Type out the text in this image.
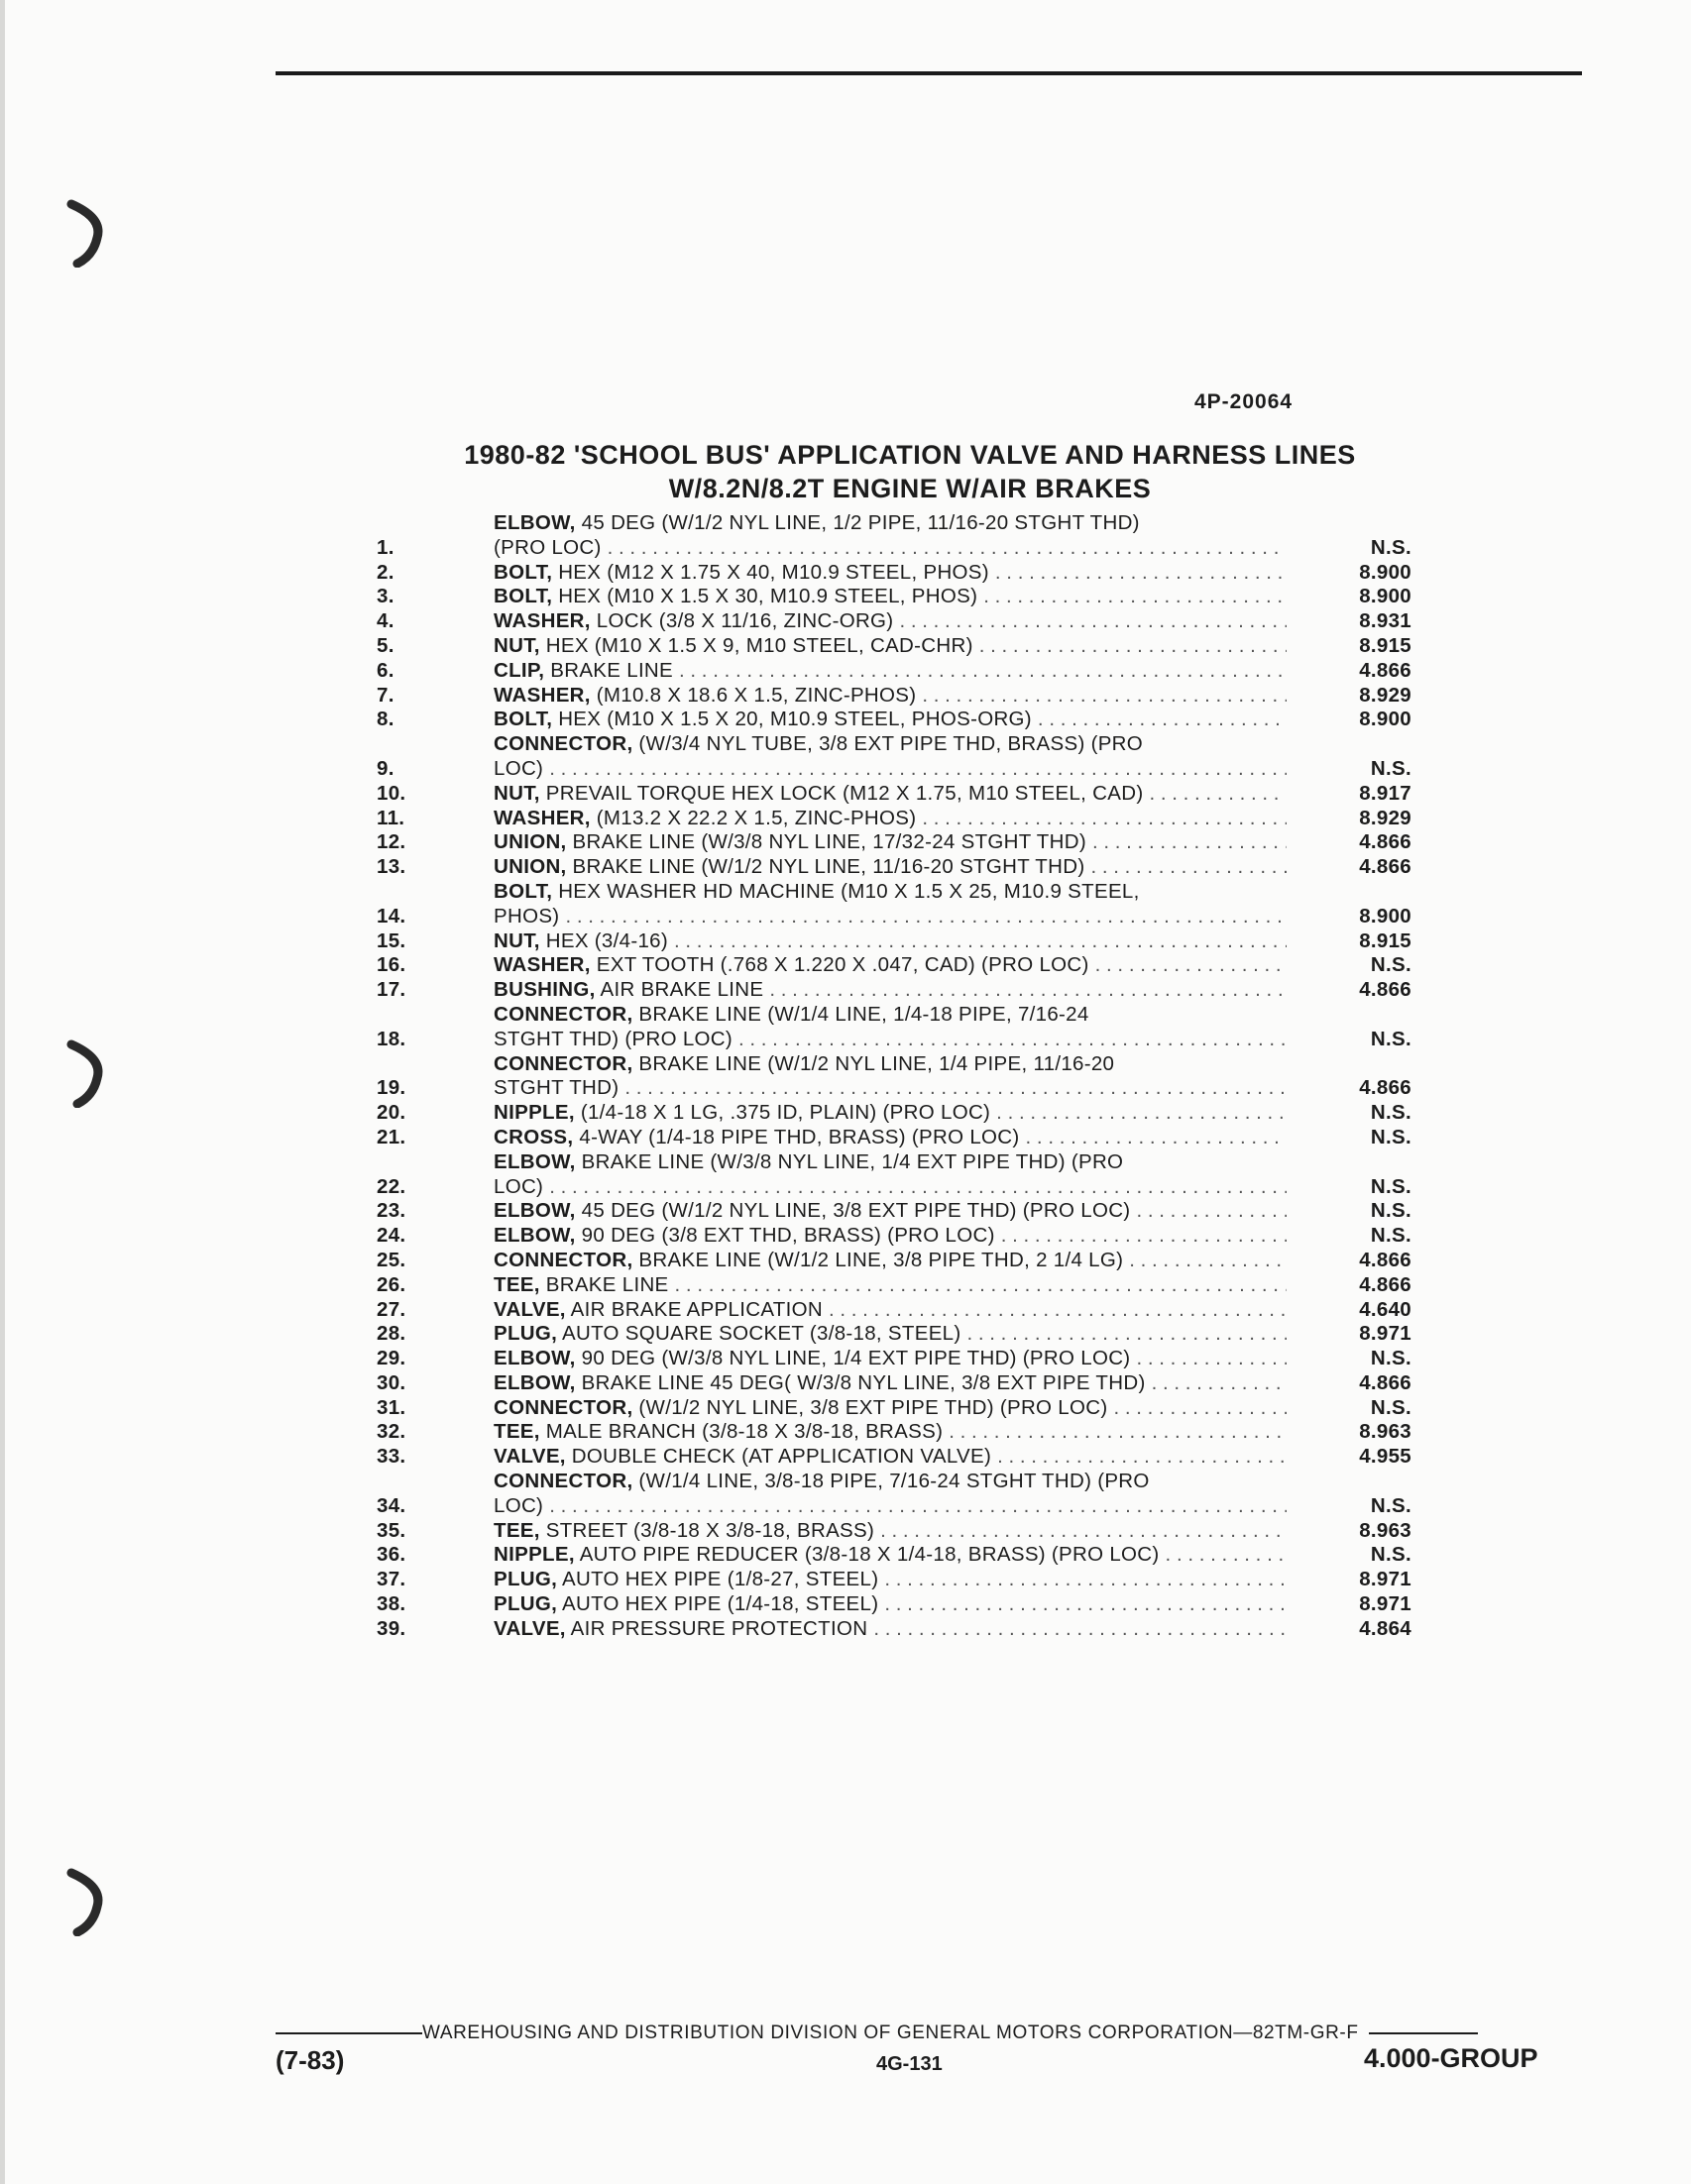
4P-20064
1980-82 'SCHOOL BUS' APPLICATION VALVE AND HARNESS LINES
W/8.2N/8.2T ENGINE W/AIR BRAKES
1.
ELBOW, 45 DEG (W/1/2 NYL LINE, 1/2 PIPE, 11/16-20 STGHT THD)
(PRO LOC) . . .	N.S.
2.	BOLT, HEX (M12 X 1.75 X 40, M10.9 STEEL, PHOS) . . .	8.900
3.	BOLT, HEX (M10 X 1.5 X 30, M10.9 STEEL, PHOS) . . .	8.900
4.	WASHER, LOCK (3/8 X 11/16, ZINC-ORG) . . .	8.931
5.	NUT, HEX (M10 X 1.5 X 9, M10 STEEL, CAD-CHR) . . .	8.915
6.	CLIP, BRAKE LINE . . .	4.866
7.	WASHER, (M10.8 X 18.6 X 1.5, ZINC-PHOS) . . .	8.929
8.	BOLT, HEX (M10 X 1.5 X 20, M10.9 STEEL, PHOS-ORG) . . .	8.900
9.
CONNECTOR, (W/3/4 NYL TUBE, 3/8 EXT PIPE THD, BRASS) (PRO
LOC) . . .	N.S.
10.	NUT, PREVAIL TORQUE HEX LOCK (M12 X 1.75, M10 STEEL, CAD) . . .	8.917
11.	WASHER, (M13.2 X 22.2 X 1.5, ZINC-PHOS) . . .	8.929
12.	UNION, BRAKE LINE (W/3/8 NYL LINE, 17/32-24 STGHT THD) . . .	4.866
13.	UNION, BRAKE LINE (W/1/2 NYL LINE, 11/16-20 STGHT THD) . . .	4.866
14.
BOLT, HEX WASHER HD MACHINE (M10 X 1.5 X 25, M10.9 STEEL,
PHOS) . . .	8.900
15.	NUT, HEX (3/4-16) . . .	8.915
16.	WASHER, EXT TOOTH (.768 X 1.220 X .047, CAD) (PRO LOC) . . .	N.S.
17.	BUSHING, AIR BRAKE LINE . . .	4.866
18.
CONNECTOR, BRAKE LINE (W/1/4 LINE, 1/4-18 PIPE, 7/16-24
STGHT THD) (PRO LOC) . . .	N.S.
19.
CONNECTOR, BRAKE LINE (W/1/2 NYL LINE, 1/4 PIPE, 11/16-20
STGHT THD) . . .	4.866
20.	NIPPLE, (1/4-18 X 1 LG, .375 ID, PLAIN) (PRO LOC) . . .	N.S.
21.	CROSS, 4-WAY (1/4-18 PIPE THD, BRASS) (PRO LOC) . . .	N.S.
22.
ELBOW, BRAKE LINE (W/3/8 NYL LINE, 1/4 EXT PIPE THD) (PRO
LOC) . . .	N.S.
23.	ELBOW, 45 DEG (W/1/2 NYL LINE, 3/8 EXT PIPE THD) (PRO LOC) . . .	N.S.
24.	ELBOW, 90 DEG (3/8 EXT THD, BRASS) (PRO LOC) . . .	N.S.
25.	CONNECTOR, BRAKE LINE (W/1/2 LINE, 3/8 PIPE THD, 2 1/4 LG) . . .	4.866
26.	TEE, BRAKE LINE . . .	4.866
27.	VALVE, AIR BRAKE APPLICATION . . .	4.640
28.	PLUG, AUTO SQUARE SOCKET (3/8-18, STEEL) . . .	8.971
29.	ELBOW, 90 DEG (W/3/8 NYL LINE, 1/4 EXT PIPE THD) (PRO LOC) . . .	N.S.
30.	ELBOW, BRAKE LINE 45 DEG( W/3/8 NYL LINE, 3/8 EXT PIPE THD) . . .	4.866
31.	CONNECTOR, (W/1/2 NYL LINE, 3/8 EXT PIPE THD) (PRO LOC) . . .	N.S.
32.	TEE, MALE BRANCH (3/8-18 X 3/8-18, BRASS) . . .	8.963
33.	VALVE, DOUBLE CHECK (AT APPLICATION VALVE) . . .	4.955
34.
CONNECTOR, (W/1/4 LINE, 3/8-18 PIPE, 7/16-24 STGHT THD) (PRO
LOC) . . .	N.S.
35.	TEE, STREET (3/8-18 X 3/8-18, BRASS) . . .	8.963
36.	NIPPLE, AUTO PIPE REDUCER (3/8-18 X 1/4-18, BRASS) (PRO LOC) . . .	N.S.
37.	PLUG, AUTO HEX PIPE (1/8-27, STEEL) . . .	8.971
38.	PLUG, AUTO HEX PIPE (1/4-18, STEEL) . . .	8.971
39.	VALVE, AIR PRESSURE PROTECTION . . .	4.864
WAREHOUSING AND DISTRIBUTION DIVISION OF GENERAL MOTORS CORPORATION—82TM-GR-F
(7-83)	4G-131	4.000-GROUP
